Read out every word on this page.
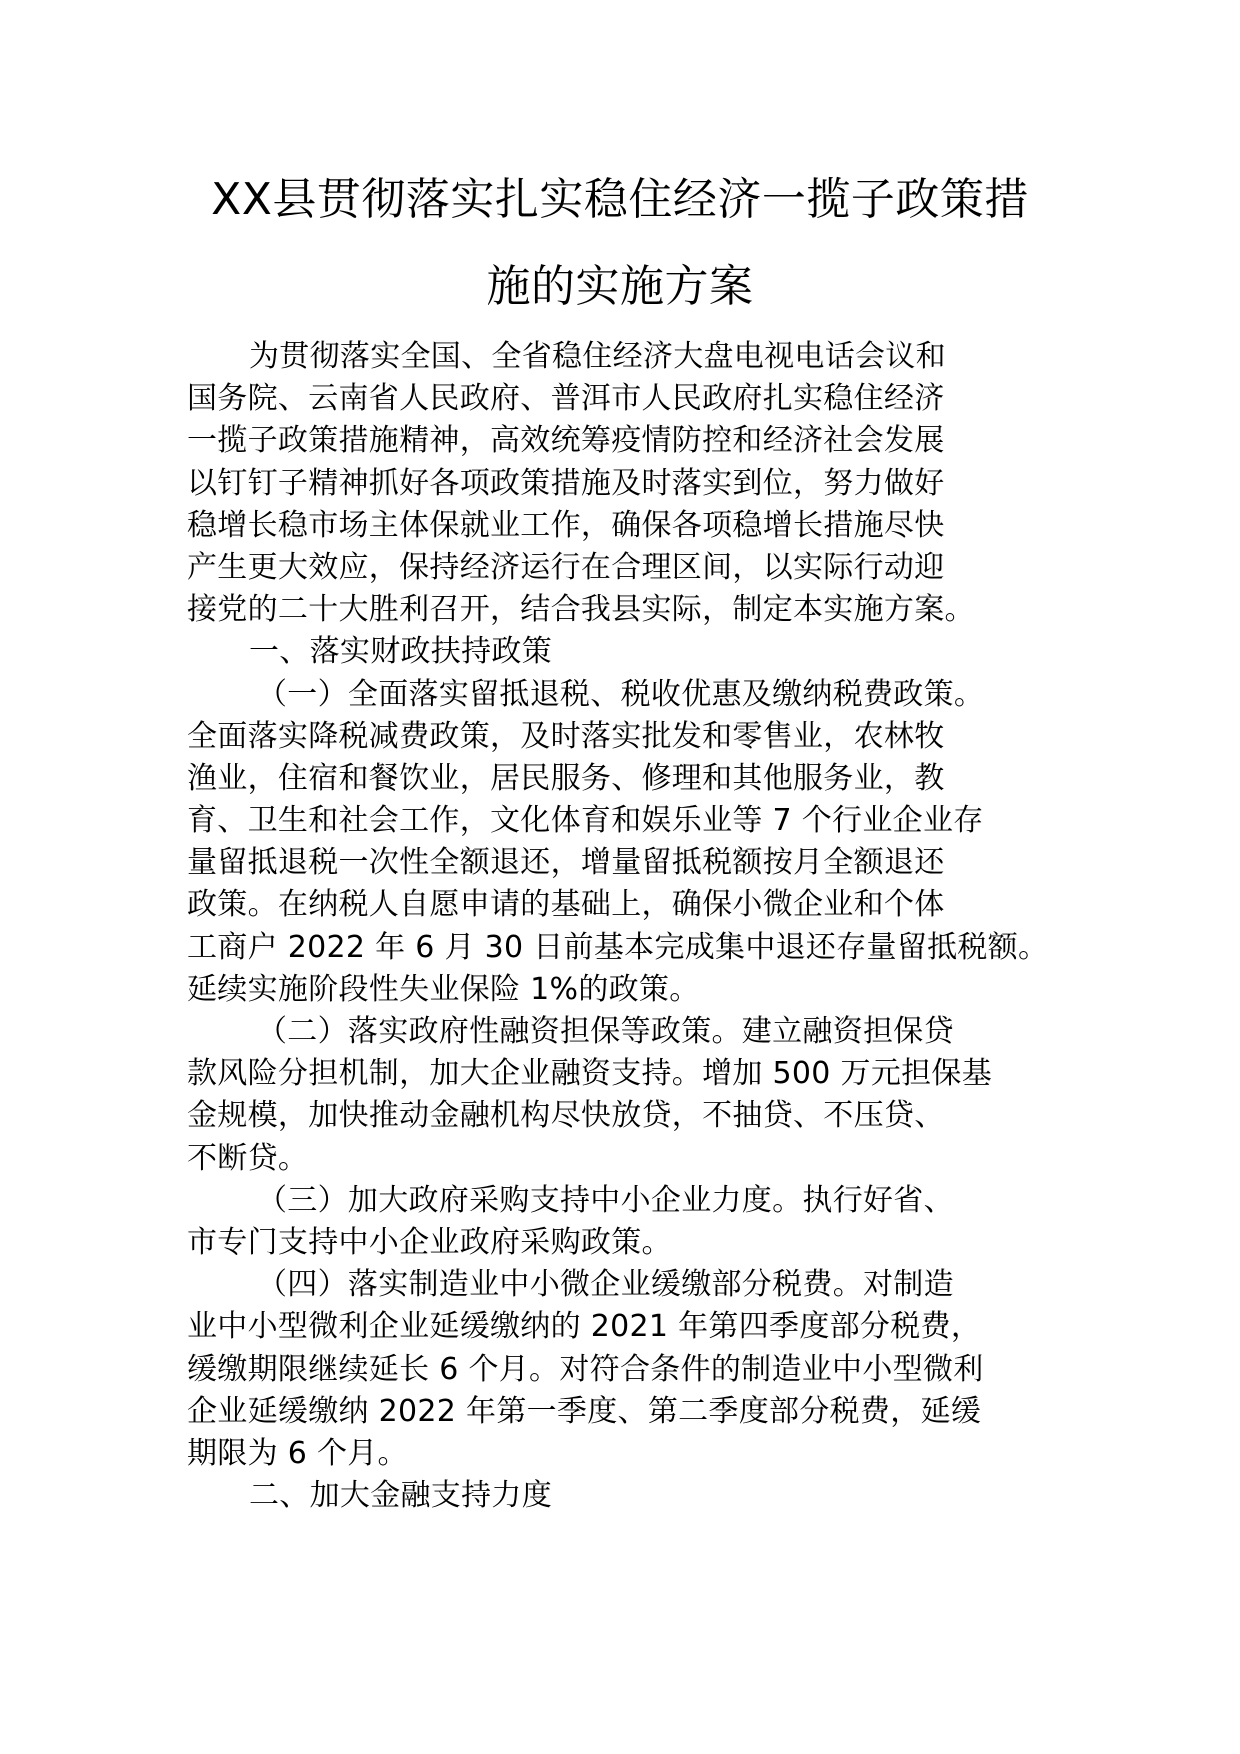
XX县贯彻落实扎实稳住经济一揽子政策措
施的实施方案
为贯彻落实全国、全省稳住经济大盘电视电话会议和
国务院、云南省人民政府、普洱市人民政府扎实稳住经济
一揽子政策措施精神，高效统筹疫情防控和经济社会发展
以钉钉子精神抓好各项政策措施及时落实到位，努力做好
稳增长稳市场主体保就业工作，确保各项稳增长措施尽快
产生更大效应，保持经济运行在合理区间，以实际行动迎
接党的二十大胜利召开，结合我县实际，制定本实施方案。
一、落实财政扶持政策
（一）全面落实留抵退税、税收优惠及缴纳税费政策。
全面落实降税减费政策，及时落实批发和零售业，农林牧
渔业，住宿和餐饮业，居民服务、修理和其他服务业，教
育、卫生和社会工作，文化体育和娱乐业等 7 个行业企业存
量留抵退税一次性全额退还，增量留抵税额按月全额退还
政策。在纳税人自愿申请的基础上，确保小微企业和个体
工商户 2022 年 6 月 30 日前基本完成集中退还存量留抵税额。
延续实施阶段性失业保险 1%的政策。
（二）落实政府性融资担保等政策。建立融资担保贷
款风险分担机制，加大企业融资支持。增加 500 万元担保基
金规模，加快推动金融机构尽快放贷，不抽贷、不压贷、
不断贷。
（三）加大政府采购支持中小企业力度。执行好省、
市专门支持中小企业政府采购政策。
（四）落实制造业中小微企业缓缴部分税费。对制造
业中小型微利企业延缓缴纳的 2021 年第四季度部分税费，
缓缴期限继续延长 6 个月。对符合条件的制造业中小型微利
企业延缓缴纳 2022 年第一季度、第二季度部分税费，延缓
期限为 6 个月。
二、加大金融支持力度
